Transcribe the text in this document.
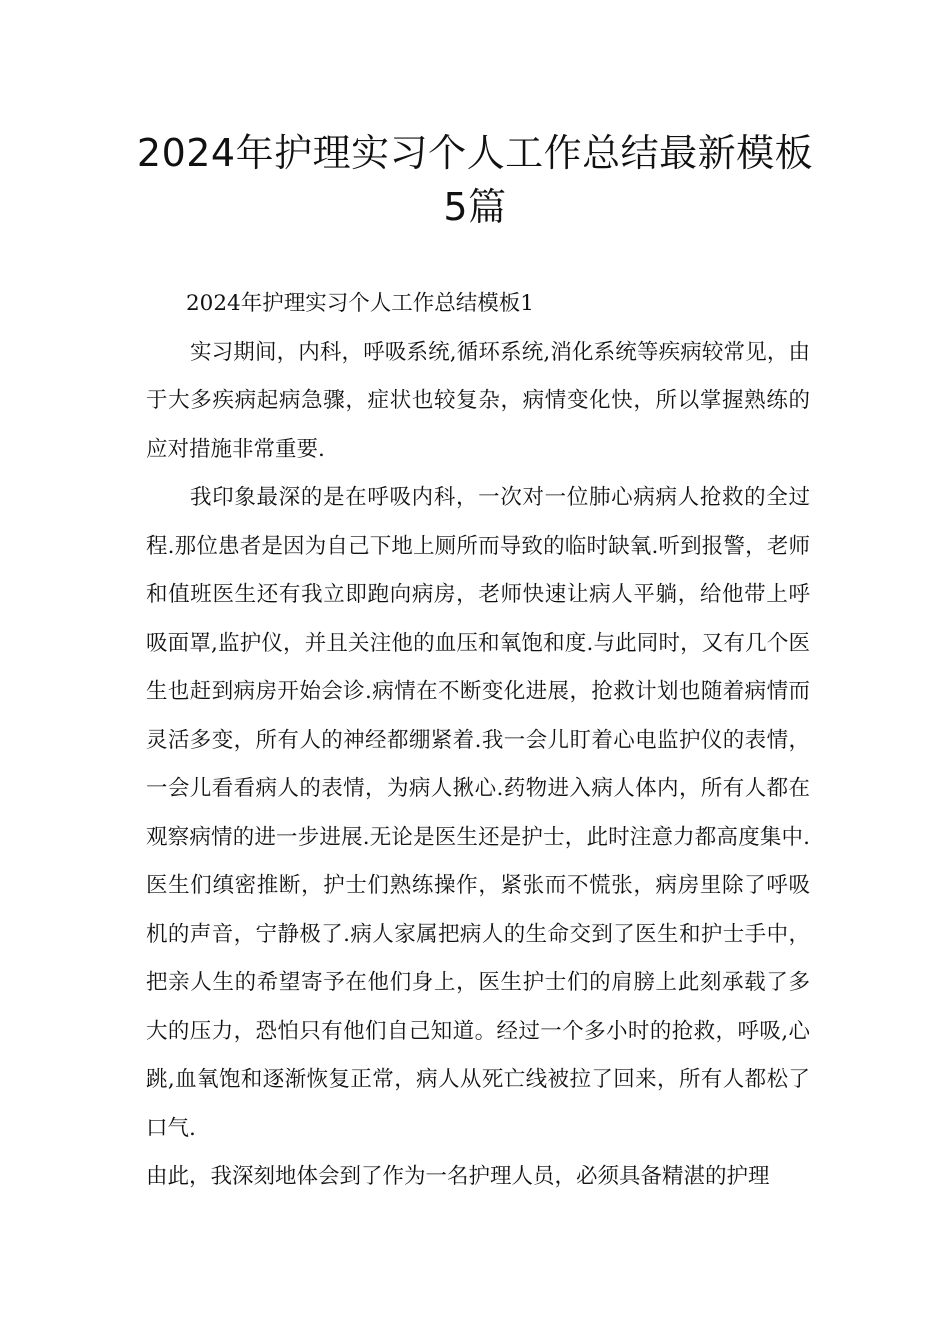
2024年护理实习个人工作总结最新模板
5篇

2024年护理实习个人工作总结模板1

实习期间，内科，呼吸系统,循环系统,消化系统等疾病较常见，由于大多疾病起病急骤，症状也较复杂，病情变化快，所以掌握熟练的应对措施非常重要.

我印象最深的是在呼吸内科，一次对一位肺心病病人抢救的全过程.那位患者是因为自己下地上厕所而导致的临时缺氧.听到报警，老师和值班医生还有我立即跑向病房，老师快速让病人平躺，给他带上呼吸面罩,监护仪，并且关注他的血压和氧饱和度.与此同时，又有几个医生也赶到病房开始会诊.病情在不断变化进展，抢救计划也随着病情而灵活多变，所有人的神经都绷紧着.我一会儿盯着心电监护仪的表情，一会儿看看病人的表情，为病人揪心.药物进入病人体内，所有人都在观察病情的进一步进展.无论是医生还是护士，此时注意力都高度集中.医生们缜密推断，护士们熟练操作，紧张而不慌张，病房里除了呼吸机的声音，宁静极了.病人家属把病人的生命交到了医生和护士手中，把亲人生的希望寄予在他们身上，医生护士们的肩膀上此刻承载了多大的压力，恐怕只有他们自己知道。经过一个多小时的抢救，呼吸,心跳,血氧饱和逐渐恢复正常，病人从死亡线被拉了回来，所有人都松了口气.

由此，我深刻地体会到了作为一名护理人员，必须具备精湛的护理
